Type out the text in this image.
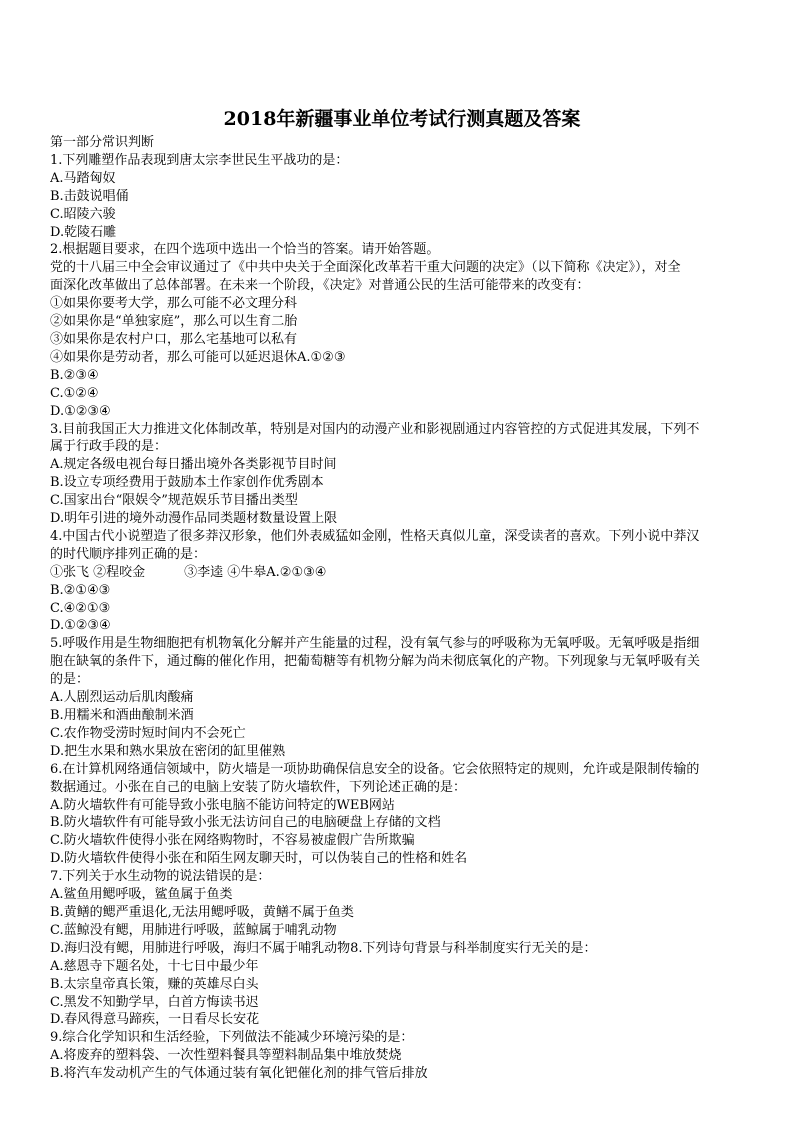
2018年新疆事业单位考试行测真题及答案
第一部分常识判断
1.下列雕塑作品表现到唐太宗李世民生平战功的是：
A.马踏匈奴
B.击鼓说唱俑
C.昭陵六骏
D.乾陵石雕
2.根据题目要求，在四个选项中选出一个恰当的答案。请开始答题。
党的十八届三中全会审议通过了《中共中央关于全面深化改革若干重大问题的决定》（以下简称《决定》），对全
面深化改革做出了总体部署。在未来一个阶段，《决定》对普通公民的生活可能带来的改变有：
①如果你要考大学，那么可能不必文理分科
②如果你是“单独家庭”，那么可以生育二胎
③如果你是农村户口，那么宅基地可以私有
④如果你是劳动者，那么可能可以延迟退休A.①②③
B.②③④
C.①②④
D.①②③④
3.目前我国正大力推进文化体制改革，特别是对国内的动漫产业和影视剧通过内容管控的方式促进其发展，下列不
属于行政手段的是：
A.规定各级电视台每日播出境外各类影视节目时间
B.设立专项经费用于鼓励本土作家创作优秀剧本
C.国家出台“限娱令”规范娱乐节目播出类型
D.明年引进的境外动漫作品同类题材数量设置上限
4.中国古代小说塑造了很多莽汉形象，他们外表威猛如金刚，性格天真似儿童，深受读者的喜欢。下列小说中莽汉
的时代顺序排列正确的是：
①张飞 ②程咬金　　　③李逵 ④牛皋A.②①③④
B.②①④③
C.④②①③
D.①②③④
5.呼吸作用是生物细胞把有机物氧化分解并产生能量的过程，没有氧气参与的呼吸称为无氧呼吸。无氧呼吸是指细
胞在缺氧的条件下，通过酶的催化作用，把葡萄糖等有机物分解为尚未彻底氧化的产物。下列现象与无氧呼吸有关
的是：
A.人剧烈运动后肌肉酸痛
B.用糯米和酒曲酿制米酒
C.农作物受涝时短时间内不会死亡
D.把生水果和熟水果放在密闭的缸里催熟
6.在计算机网络通信领域中，防火墙是一项协助确保信息安全的设备。它会依照特定的规则，允许或是限制传输的
数据通过。小张在自己的电脑上安装了防火墙软件，下列论述正确的是：
A.防火墙软件有可能导致小张电脑不能访问特定的WEB网站
B.防火墙软件有可能导致小张无法访问自己的电脑硬盘上存储的文档
C.防火墙软件使得小张在网络购物时，不容易被虚假广告所欺骗
D.防火墙软件使得小张在和陌生网友聊天时，可以伪装自己的性格和姓名
7.下列关于水生动物的说法错误的是：
A.鲨鱼用鳃呼吸，鲨鱼属于鱼类
B.黄鳝的鳃严重退化,无法用鳃呼吸，黄鳝不属于鱼类
C.蓝鲸没有鳃，用肺进行呼吸，蓝鲸属于哺乳动物
D.海归没有鳃，用肺进行呼吸，海归不属于哺乳动物8.下列诗句背景与科举制度实行无关的是：
A.慈恩寺下题名处，十七日中最少年
B.太宗皇帝真长策，赚的英雄尽白头
C.黑发不知勤学早，白首方悔读书迟
D.春风得意马蹄疾，一日看尽长安花
9.综合化学知识和生活经验，下列做法不能减少环境污染的是：
A.将废弃的塑料袋、一次性塑料餐具等塑料制品集中堆放焚烧
B.将汽车发动机产生的气体通过装有氧化钯催化剂的排气管后排放
